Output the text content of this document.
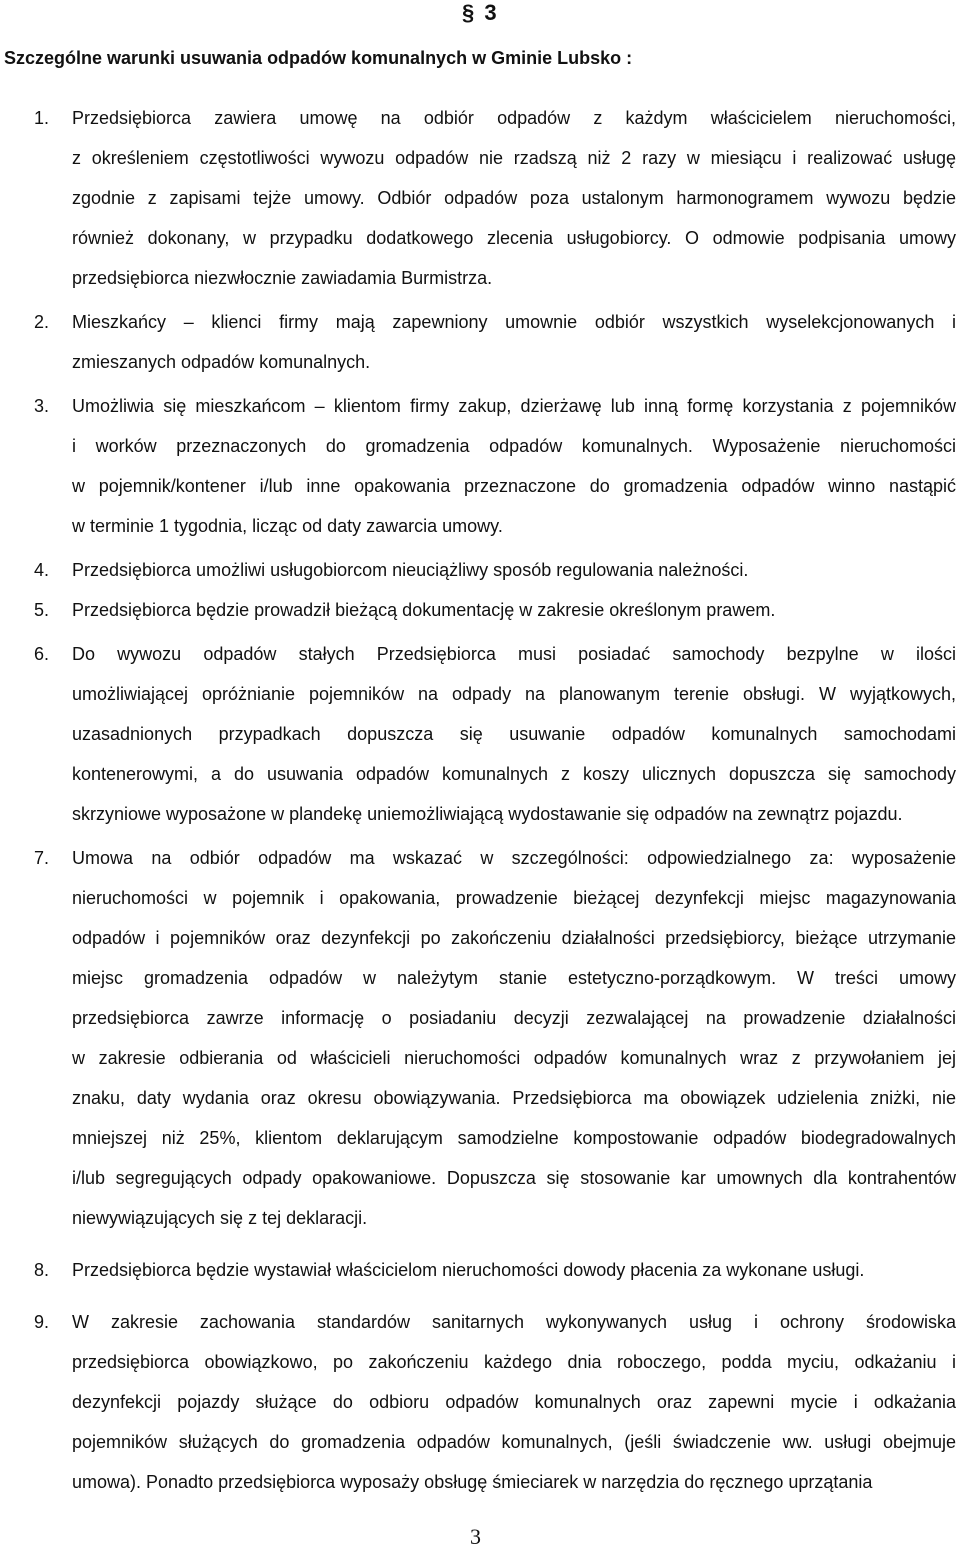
§ 3
Szczególne warunki usuwania odpadów komunalnych w Gminie Lubsko :
1.	Przedsiębiorca zawiera umowę na odbiór odpadów z każdym właścicielem nieruchomości,
z określeniem częstotliwości wywozu odpadów nie rzadszą niż 2 razy w miesiącu i realizować usługę
zgodnie z zapisami tejże umowy. Odbiór odpadów poza ustalonym harmonogramem wywozu będzie
również dokonany, w przypadku dodatkowego zlecenia usługobiorcy. O odmowie podpisania umowy
przedsiębiorca niezwłocznie zawiadamia Burmistrza.
2.	Mieszkańcy – klienci firmy mają zapewniony umownie odbiór wszystkich wyselekcjonowanych i
zmieszanych odpadów komunalnych.
3.	Umożliwia się mieszkańcom – klientom firmy zakup, dzierżawę lub inną formę korzystania z pojemników
i worków przeznaczonych do gromadzenia odpadów komunalnych. Wyposażenie nieruchomości
w pojemnik/kontener i/lub inne opakowania przeznaczone do gromadzenia odpadów winno nastąpić
w terminie 1 tygodnia, licząc od daty zawarcia umowy.
4.	Przedsiębiorca umożliwi usługobiorcom nieuciążliwy sposób regulowania należności.
5.	Przedsiębiorca będzie prowadził bieżącą dokumentację w zakresie określonym prawem.
6.	Do wywozu odpadów stałych Przedsiębiorca musi posiadać samochody bezpylne w ilości
umożliwiającej opróżnianie pojemników na odpady na planowanym terenie obsługi. W wyjątkowych,
uzasadnionych przypadkach dopuszcza się usuwanie odpadów komunalnych samochodami
kontenerowymi, a do usuwania odpadów komunalnych z koszy ulicznych dopuszcza się samochody
skrzyniowe wyposażone w plandekę uniemożliwiającą wydostawanie się odpadów na zewnątrz pojazdu.
7.	Umowa na odbiór odpadów ma wskazać w szczególności: odpowiedzialnego za: wyposażenie
nieruchomości w pojemnik i opakowania, prowadzenie bieżącej dezynfekcji miejsc magazynowania
odpadów i pojemników oraz dezynfekcji po zakończeniu działalności przedsiębiorcy, bieżące utrzymanie
miejsc gromadzenia odpadów w należytym stanie estetyczno-porządkowym. W treści umowy
przedsiębiorca zawrze informację o posiadaniu decyzji zezwalającej na prowadzenie działalności
w zakresie odbierania od właścicieli nieruchomości odpadów komunalnych wraz z przywołaniem jej
znaku, daty wydania oraz okresu obowiązywania. Przedsiębiorca ma obowiązek udzielenia zniżki, nie
mniejszej niż 25%, klientom deklarującym samodzielne kompostowanie odpadów biodegradowalnych
i/lub segregujących odpady opakowaniowe. Dopuszcza się stosowanie kar umownych dla kontrahentów
niewywiązujących się z tej deklaracji.
8.	Przedsiębiorca będzie wystawiał właścicielom nieruchomości dowody płacenia za wykonane usługi.
9.	W zakresie zachowania standardów sanitarnych wykonywanych usług i ochrony środowiska
przedsiębiorca obowiązkowo, po zakończeniu każdego dnia roboczego, podda myciu, odkażaniu i
dezynfekcji pojazdy służące do odbioru odpadów komunalnych oraz zapewni mycie i odkażania
pojemników służących do gromadzenia odpadów komunalnych, (jeśli świadczenie ww. usługi obejmuje
umowa). Ponadto przedsiębiorca wyposaży obsługę śmieciarek w narzędzia do ręcznego uprzątania
3
